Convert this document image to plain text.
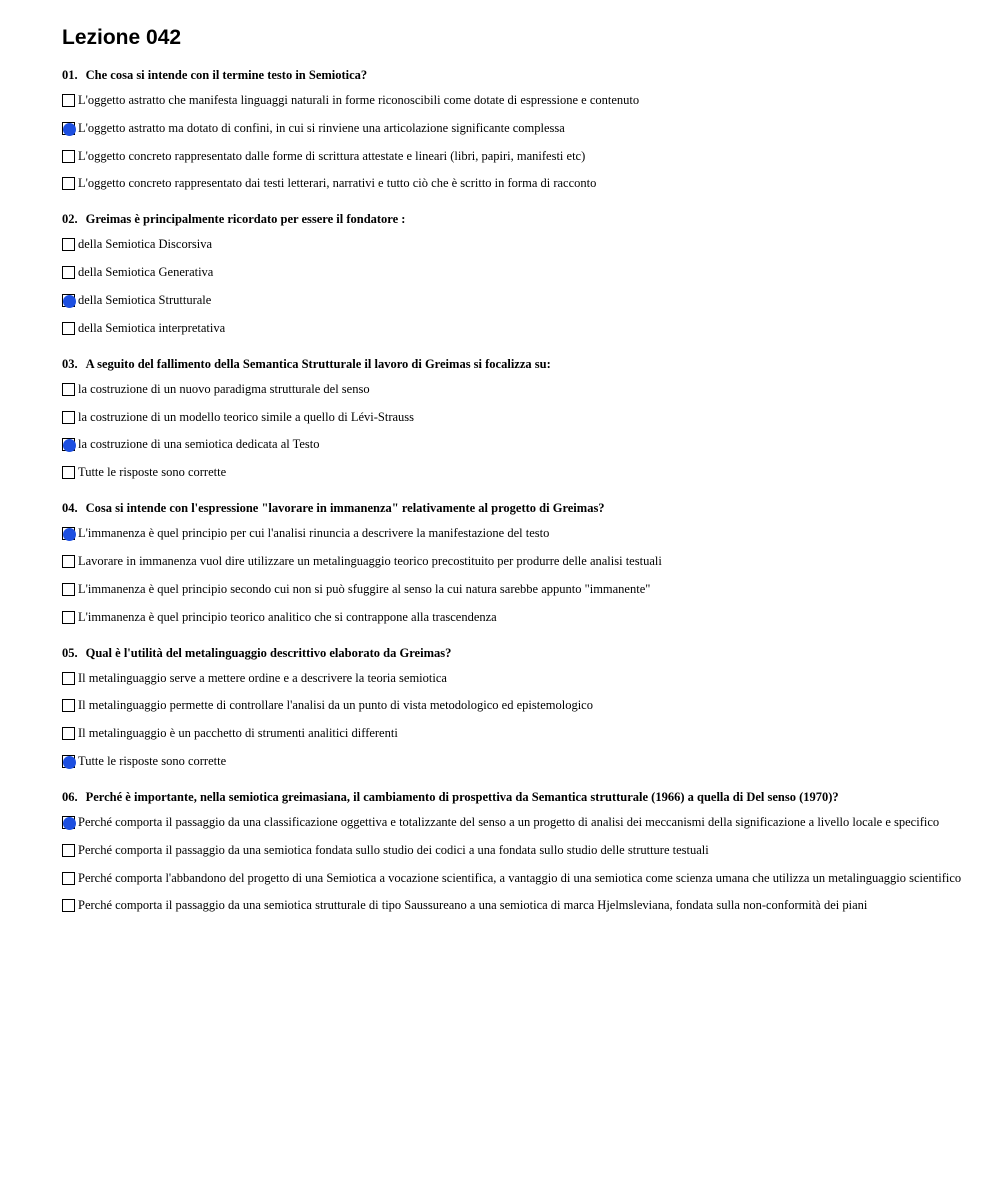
Lezione 042
01. Che cosa si intende con il termine testo in Semiotica?
L'oggetto astratto che manifesta linguaggi naturali in forme riconoscibili come dotate di espressione e contenuto
L'oggetto astratto ma dotato di confini, in cui si rinviene una articolazione significante complessa
L'oggetto concreto rappresentato dalle forme di scrittura attestate e lineari (libri, papiri, manifesti etc)
L'oggetto concreto rappresentato dai testi letterari, narrativi e tutto ciò che è scritto in forma di racconto
02. Greimas è principalmente ricordato per essere il fondatore :
della Semiotica Discorsiva
della Semiotica Generativa
della Semiotica Strutturale
della Semiotica interpretativa
03. A seguito del fallimento della Semantica Strutturale il lavoro di Greimas si focalizza su:
la costruzione di un nuovo paradigma strutturale del senso
la costruzione di un modello teorico simile a quello di Lévi-Strauss
la costruzione di una semiotica dedicata al Testo
Tutte le risposte sono corrette
04. Cosa si intende con l'espressione "lavorare in immanenza" relativamente al progetto di Greimas?
L'immanenza è quel principio per cui l'analisi rinuncia a descrivere la manifestazione del testo
Lavorare in immanenza vuol dire utilizzare un metalinguaggio teorico precostituito per produrre delle analisi testuali
L'immanenza è quel principio secondo cui non si può sfuggire al senso la cui natura sarebbe appunto "immanente"
L'immanenza è quel principio teorico analitico che si contrappone alla trascendenza
05. Qual è l'utilità del metalinguaggio descrittivo elaborato da Greimas?
Il metalinguaggio serve a mettere ordine e a descrivere la teoria semiotica
Il metalinguaggio permette di controllare l'analisi da un punto di vista metodologico ed epistemologico
Il metalinguaggio è un pacchetto di strumenti analitici differenti
Tutte le risposte sono corrette
06. Perché è importante, nella semiotica greimasiana, il cambiamento di prospettiva da Semantica strutturale (1966) a quella di Del senso (1970)?
Perché comporta il passaggio da una classificazione oggettiva e totalizzante del senso a un progetto di analisi dei meccanismi della significazione a livello locale e specifico
Perché comporta il passaggio da una semiotica fondata sullo studio dei codici a una fondata sullo studio delle strutture testuali
Perché comporta l'abbandono del progetto di una Semiotica a vocazione scientifica, a vantaggio di una semiotica come scienza umana che utilizza un metalinguaggio scientifico
Perché comporta il passaggio da una semiotica strutturale di tipo Saussureano a una semiotica di marca Hjelmsleviana, fondata sulla non-conformità dei piani
